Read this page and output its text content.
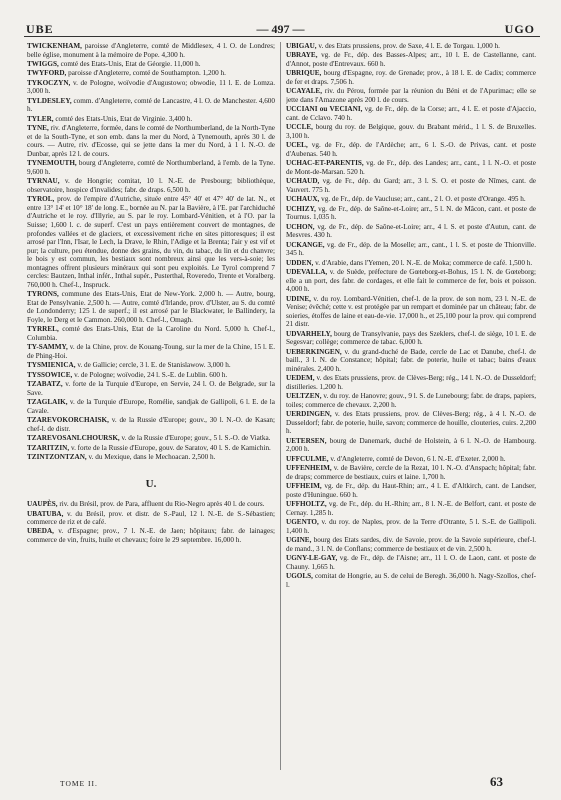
UBE	— 497 —	UGO

TWICKENHAM, paroisse d'Angleterre, comté de Middlesex, 4 l. O. de Londres; belle église, monument à la mémoire de Pope. 4,300 h.

TWIGGS, comté des Etats-Unis, Etat de Géorgie. 11,000 h.

TWYFORD, paroisse d'Angleterre, comté de Southampton. 1,200 h.

TYKOCZYN, v. de Pologne, woïvodie d'Augustowo; obwodie, 11 l. E. de Lomza. 3,000 h.

TYLDESLEY, comm. d'Angleterre, comté de Lancastre, 4 l. O. de Manchester. 4,600 h.

TYLER, comté des Etats-Unis, Etat de Virginie. 3,400 h.

TYNE, riv. d'Angleterre, formée, dans le comté de Northumberland, de la North-Tyne et de la South-Tyne, et son emb. dans la mer du Nord, à Tynemouth, après 30 l. de cours. — Autre, riv. d'Ecosse, qui se jette dans la mer du Nord, à 1 l. N.-O. de Dunbar, après 12 l. de cours.

TYNEMOUTH, bourg d'Angleterre, comté de Northumberland, à l'emb. de la Tyne. 9,600 h.

TYRNAU, v. de Hongrie; comitat, 10 l. N.-E. de Presbourg; bibliothèque, observatoire, hospice d'invalides; fabr. de draps. 6,500 h.

TYROL, prov. de l'empire d'Autriche, située entre 45° 40' et 47° 40' de lat. N., et entre 13° 14' et 10° 18' de long. E., bornée au N. par la Bavière, à l'E. par l'archiduché d'Autriche et le roy. d'Illyrie, au S. par le roy. Lombard-Vénitien, et à l'O. par la Suisse; 1,600 l. c. de superf. C'est un pays entièrement couvert de montagnes, de profondes vallées et de glaciers, et excessivement riche en sites pittoresques; il est arrosé par l'Inn, l'Isar, le Lech, la Drave, le Rhin, l'Adige et la Brenta; l'air y est vif et pur; la culture, peu étendue, donne des grains, du vin, du tabac, du lin et du chanvre; le bois y est commun, les bestiaux sont nombreux ainsi que les vers-à-soie; les montagnes offrent plusieurs minéraux qui sont peu exploités. Le Tyrol comprend 7 cercles: Bautzen, Inthal infér., Inthal supér., Pusterthal, Roveredo, Trente et Voralberg. 760,000 h. Chef-l., Inspruck.

TYRONS, commune des Etats-Unis, Etat de New-York. 2,000 h. — Autre, bourg, Etat de Pensylvanie. 2,500 h. — Autre, comté d'Irlande, prov. d'Ulster, au S. du comté de Londonderry; 125 l. de superf.; il est arrosé par le Blackwater, le Ballindery, la Foyle, le Derg et le Cammon. 260,000 h. Chef-l., Omagh.

TYRREL, comté des Etats-Unis, Etat de la Caroline du Nord. 5,000 h. Chef-l., Columbia.

TY-SAMMY, v. de la Chine, prov. de Kouang-Toung, sur la mer de la Chine, 15 l. E. de Phing-Hoi.

TYSMIENICA, v. de Gallicie; cercle, 3 l. E. de Stanislawow. 3,000 h.

TYSSOWICE, v. de Pologne; woïvodie, 24 l. S.-E. de Lublin. 600 h.

TZABATZ, v. forte de la Turquie d'Europe, en Servie, 24 l. O. de Belgrade, sur la Save.

TZAGLAIK, v. de la Turquie d'Europe, Romélie, sandjak de Gallipoli, 6 l. E. de la Cavale.

TZAREVOKORCHAISK, v. de la Russie d'Europe; gouv., 30 l. N.-O. de Kasan; chef-l. de distr.

TZAREVOSANLCHOURSK, v. de la Russie d'Europe; gouv., 5 l. S.-O. de Viatka.

TZARITZIN, v. forte de la Russie d'Europe, gouv. de Saratov, 40 l. S. de Kamichin.

TZINTZONTZAN, v. du Mexique, dans le Mechoacan. 2,500 h.

U.

UAUPÈS, riv. du Brésil, prov. de Para, affluent du Rio-Negro après 40 l. de cours.

UBATUBA, v. du Brésil, prov. et distr. de S.-Paul, 12 l. N.-E. de S.-Sébastien; commerce de riz et de café.

UBEDA, v. d'Espagne; prov., 7 l. N.-E. de Jaen; hôpitaux; fabr. de lainages; commerce de vin, fruits, huile et chevaux; foire le 29 septembre. 16,000 h.

UBIGAU, v. des Etats prussiens, prov. de Saxe, 4 l. E. de Torgau. 1,000 h.

UBRAYE, vg. de Fr., dép. des Basses-Alpes; arr., 10 l. E. de Castellanne, cant. d'Annot, poste d'Entrevaux. 660 h.

UBRIQUE, bourg d'Espagne, roy. de Grenade; prov., à 18 l. E. de Cadix; commerce de fer et draps. 7,506 h.

UCAYALE, riv. du Pérou, formée par la réunion du Béni et de l'Apurimac; elle se jette dans l'Amazone après 200 l. de cours.

UCCIANI ou VECIANI, vg. de Fr., dép. de la Corse; arr., 4 l. E. et poste d'Ajaccio, cant. de Cclavo. 740 h.

UCCLE, bourg du roy. de Belgique, gouv. du Brabant mérid., 1 l. S. de Bruxelles. 3,100 h.

UCEL, vg. de Fr., dép. de l'Ardèche; arr., 6 l. S.-O. de Privas, cant. et poste d'Aubenas. 540 h.

UCHAC-ET-PARENTIS, vg. de Fr., dép. des Landes; arr., cant., 1 l. N.-O. et poste de Mont-de-Marsan. 520 h.

UCHAUD, vg. de Fr., dép. du Gard; arr., 3 l. S. O. et poste de Nîmes, cant. de Vauvert. 775 h.

UCHAUX, vg. de Fr., dép. de Vaucluse; arr., cant., 2 l. O. et poste d'Orange. 495 h.

UCHIZY, vg. de Fr., dép. de Saône-et-Loire; arr., 5 l. N. de Mâcon, cant. et poste de Tournus. 1,035 h.

UCHON, vg. de Fr., dép. de Saône-et-Loire; arr., 4 l. S. et poste d'Autun, cant. de Mesvres. 430 h.

UCKANGE, vg. de Fr., dép. de la Moselle; arr., cant., 1 l. S. et poste de Thionville. 345 h.

UDDEN, v. d'Arabie, dans l'Yemen, 20 l. N.-E. de Moka; commerce de café. 1,500 h.

UDEVALLA, v. de Suède, préfecture de Gœteborg-et-Bohus, 15 l. N. de Gœteborg; elle a un port, des fabr. de cordages, et elle fait le commerce de fer, bois et poisson. 4,000 h.

UDINE, v. du roy. Lombard-Vénitien, chef-l. de la prov. de son nom, 23 l. N.-E. de Venise; évêché; cette v. est protégée par un rempart et dominée par un château; fabr. de soieries, étoffes de laine et eau-de-vie. 17,000 h., et 25,100 pour la prov. qui comprend 21 distr.

UDVARHELY, bourg de Transylvanie, pays des Szeklers, chef-l. de siège, 10 l. E. de Segesvar; collège; commerce de tabac. 6,000 h.

UEBERKINGEN, v. du grand-duché de Bade, cercle de Lac et Danube, chef-l. de baill., 3 l. N. de Constance; hôpital; fabr. de poterie, huile et tabac; bains d'eaux minérales. 2,400 h.

UEDEM, v. des Etats prussiens, prov. de Clèves-Berg; rég., 14 l. N.-O. de Dusseldorf; distilleries. 1,200 h.

UELTZEN, v. du roy. de Hanovre; gouv., 9 l. S. de Lunebourg; fabr. de draps, papiers, toiles; commerce de chevaux. 2,200 h.

UERDINGEN, v. des Etats prussiens, prov. de Clèves-Berg; rég., à 4 l. N.-O. de Dusseldorf; fabr. de poterie, huile, savon; commerce de houille, clouteries, cuirs. 2,200 h.

UETERSEN, bourg de Danemark, duché de Holstein, à 6 l. N.-O. de Hambourg. 2,000 h.

UFFCULME, v. d'Angleterre, comté de Devon, 6 l. N.-E. d'Exeter. 2,000 h.

UFFENHEIM, v. de Bavière, cercle de la Rezat, 10 l. N.-O. d'Anspach; hôpital; fabr. de draps; commerce de bestiaux, cuirs et laine. 1,700 h.

UFFHEIM, vg. de Fr., dép. du Haut-Rhin; arr., 4 l. E. d'Altkirch, cant. de Landser, poste d'Huningue. 660 h.

UFFHOLTZ, vg. de Fr., dép. du H.-Rhin; arr., 8 l. N.-E. de Belfort, cant. et poste de Cernay. 1,285 h.

UGENTO, v. du roy. de Naples, prov. de la Terre d'Otrante, 5 l. S.-E. de Gallipoli. 1,400 h.

UGINE, bourg des Etats sardes, div. de Savoie, prov. de la Savoie supérieure, chef-l. de mand., 3 l. N. de Conflans; commerce de bestiaux et de vin. 2,500 h.

UGNY-LE-GAY, vg. de Fr., dép. de l'Aisne; arr., 11 l. O. de Laon, cant. et poste de Chauny. 1,665 h.

UGOLS, comitat de Hongrie, au S. de celui de Beregh. 36,000 h. Nagy-Szollos, chef-l.

TOME II.	63
